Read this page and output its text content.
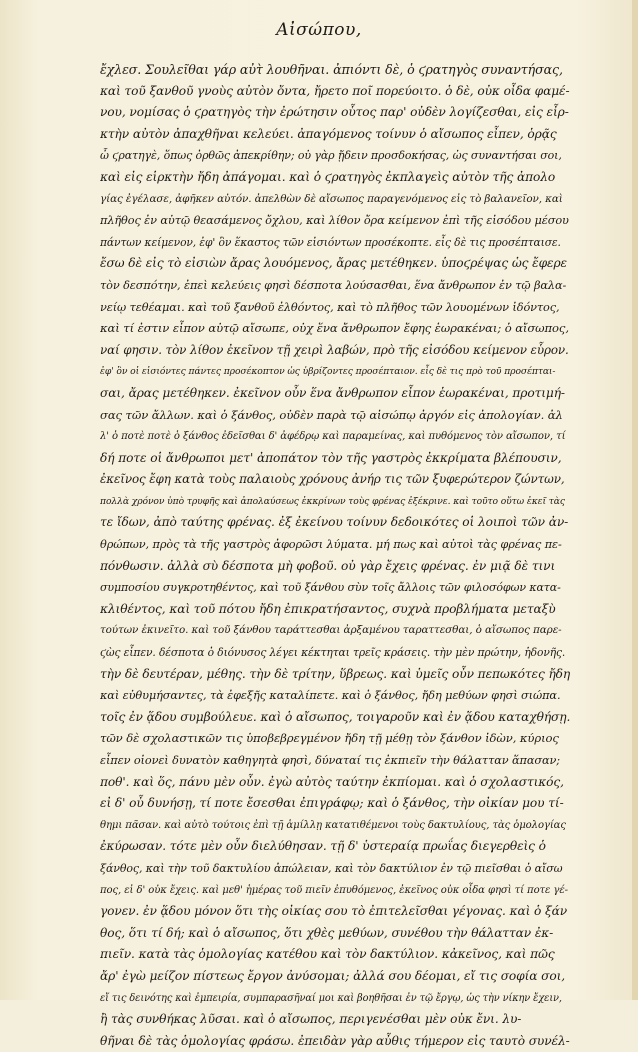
Αἰσώπου,
ἔχλεσ. Σουλεῖθαι γάρ αὐτ̀ λουθῆναι. ἀπιόντι δὲ, ὁ ϛρατηγὸς συναντήσας,
καὶ τοῦ ξανθοῦ γνοὺς αὐτὸν ὄντα, ἤρετο ποῖ πορεύοιτο. ὁ δὲ, οὐκ οἶδα φαμέ-
νου, νομίσας ὁ ϛρατηγὸς τὴν ἐρώτησιν οὗτος παρ' οὐδὲν λογίζεσθαι, εἰς εἶρ-
κτὴν αὐτὸν ἀπαχθῆναι κελεύει. ἀπαγόμενος τοίνυν ὁ αἴσωπος εἶπεν, ὁρᾷς
ὦ ϛρατηγὲ, ὅπως ὀρθῶς ἀπεκρίθην; οὐ γὰρ ᾔδειν προσδοκήσας, ὡς συναντήσαι σοι,
καὶ εἰς εἱρκτὴν ἤδη ἀπάγομαι. καὶ ὁ ϛρατηγὸς ἐκπλαγεὶς αὐτὸν τῆς ἀπολο
γίας ἐγέλασε, ἀφῆκεν αὐτόν. ἀπελθὼν δὲ αἴσωπος παραγενόμενος εἰς τὸ βαλανεῖον, καὶ
πλῆθος ἐν αὐτῷ θεασάμενος ὄχλου, καὶ λίθον ὄρα κείμενον ἐπὶ τῆς εἰσόδου μέσου
πάντων κείμενον, ἐφ' ὃν ἕκαστος τῶν εἰσιόντων προσέκοπτε. εἶς δὲ τις προσέπταισε.
ἔσω δὲ εἰς τὸ εἰσιὼν ἄρας λουόμενος, ἄρας μετέθηκεν. ὑποϛρέψας ὡς ἔφερε
τὸν δεσπότην, ἐπεὶ κελεύεις φησὶ δέσποτα λούσασθαι, ἕνα ἄνθρωπον ἐν τῷ βαλα-
νείῳ τεθέαμαι. καὶ τοῦ ξανθοῦ ἐλθόντος, καὶ τὸ πλῆθος τῶν λουομένων ἰδόντος,
καὶ τί ἐστιν εἶπον αὐτῷ αἴσωπε, οὐχ ἕνα ἄνθρωπον ἔφης ἑωρακέναι; ὁ αἴσωπος,
ναί φησιν. τὸν λίθον ἐκεῖνον τῇ χειρὶ λαβών, πρὸ τῆς εἰσόδου κείμενον εὗρον.
ἐφ' ὃν οἱ εἰσιόντες πάντες προσέκοπτον ὡς ὑβρίζοντες προσέπταιον. εἷς δὲ τις πρὸ τοῦ προσέπται-
σαι, ἄρας μετέθηκεν. ἐκεῖνον οὖν ἕνα ἄνθρωπον εἶπον ἑωρακέναι, προτιμή-
σας τῶν ἄλλων. καὶ ὁ ξάνθος, οὐδὲν παρὰ τῷ αἰσώπῳ ἀργόν εἰς ἀπολογίαν. ἀλ
λ' ὁ ποτὲ ποτὲ ὁ ξάνθος ἐδεῖσθαι δ' ἀφέδρῳ καὶ παραμείνας, καὶ πυθόμενος τὸν αἴσωπον, τί
δή ποτε οἱ ἄνθρωποι μετ' ἀποπάτον τὸν τῆς γαστρὸς ἐκκρίματα βλέπουσιν,
ἐκεῖνος ἔφη κατὰ τοὺς παλαιοὺς χρόνους ἀνήρ τις τῶν ξυφερώτερον ζώντων,
πολλὰ χρόνον ὑπὸ τρυφῆς καὶ ἀπολαύσεως ἐκκρίνων τοὺς φρένας ἐξέκρινε. καὶ τοῦτο οὕτω ἐκεῖ τὰς
τε ἴδων, ἀπὸ ταύτης φρένας. ἐξ ἐκείνου τοίνυν δεδοικότες οἱ λοιποὶ τῶν ἀν-
θρώπων, πρὸς τὰ τῆς γαστρὸς ἀφορῶσι λύματα. μή πως καὶ αὐτοὶ τὰς φρένας πε-
πόνθωσιν. ἀλλὰ σὺ δέσποτα μὴ φοβοῦ. οὐ γὰρ ἔχεις φρένας. ἐν μιᾷ δὲ τινι
συμποσίου συγκροτηθέντος, καὶ τοῦ ξάνθου σὺν τοῖς ἄλλοις τῶν φιλοσόφων κατα-
κλιθέντος, καὶ τοῦ πότου ἤδη ἐπικρατήσαντος, συχνὰ προβλήματα μεταξὺ
τούτων ἐκινεῖτο. καὶ τοῦ ξάνθου ταράττεσθαι ἀρξαμένου ταραττεσθαι, ὁ αἴσωπος παρε-
ϛὼς εἶπεν. δέσποτα ὁ διόνυσος λέγει κέκτηται τρεῖς κράσεις. τὴν μὲν πρώτην, ἡδονῆς.
τὴν δὲ δευτέραν, μέθης. τὴν δὲ τρίτην, ὕβρεως. καὶ ὑμεῖς οὖν πεπωκότες ἤδη
καὶ εὐθυμήσαντες, τὰ ἐφεξῆς καταλίπετε. καὶ ὁ ξάνθος, ἤδη μεθύων φησὶ σιώπα.
τοῖς ἐν ᾅδου συμβούλευε. καὶ ὁ αἴσωπος, τοιγαροῦν καὶ ἐν ᾅδου καταχθήσῃ.
τῶν δὲ σχολαστικῶν τις ὑποβεβρεγμένον ἤδη τῇ μέθῃ τὸν ξάνθον ἰδὼν, κύριος
εἶπεν οἰονεὶ δυνατὸν καθηγητὰ φησὶ, δύναταί τις ἐκπιεῖν τὴν θάλατταν ἅπασαν;
ποθ'. καὶ ὅς, πάνυ μὲν οὖν. ἐγὼ αὐτὸς ταύτην ἐκπίομαι. καὶ ὁ σχολαστικός,
εἰ δ' οὖ δυνήσῃ, τί ποτε ἔσεσθαι ἐπιγράφῳ; καὶ ὁ ξάνθος, τὴν οἰκίαν μου τί-
θημι πᾶσαν. καὶ αὐτὸ τούτοις ἐπὶ τῇ ἁμίλλῃ κατατιθέμενοι τοὺς δακτυλίους, τὰς ὁμολογίας
ἐκύρωσαν. τότε μὲν οὖν διελύθησαν. τῇ δ' ὑστεραίᾳ πρωΐας διεγερθεὶς ὁ
ξάνθος, καὶ τὴν τοῦ δακτυλίου ἀπώλειαν, καὶ τὸν δακτύλιον ἐν τῷ πιεῖσθαι ὁ αἴσω
πος, εἰ δ' οὐκ ἔχεις. καὶ μεθ' ἡμέρας τοῦ πιεῖν ἐπυθόμενος, ἐκεῖνος οὐκ οἶδα φησὶ τί ποτε γέ-
γονεν. ἐν ᾅδου μόνον ὅτι τὴς οἰκίας σου τὸ ἐπιτελεῖσθαι γέγονας. καὶ ὁ ξάν
θος, ὅτι τί δή; καὶ ὁ αἴσωπος, ὅτι χθὲς μεθύων, συνέθου τὴν θάλατταν ἐκ-
πιεῖν. κατὰ τὰς ὁμολογίας κατέθου καὶ τὸν δακτύλιον. κἀκεῖνος, καὶ πῶς
ἄρ' ἐγὼ μείζον πίστεως ἔργον ἀνύσομαι; ἀλλά σου δέομαι, εἴ τις σοφία σοι,
εἴ τις δεινότης καὶ ἐμπειρία, συμπαρασῆναί μοι καὶ βοηθῆσαι ἐν τῷ ἔργῳ, ὡς τὴν νίκην ἔχειν,
ἢ τὰς συνθήκας λῦσαι. καὶ ὁ αἴσωπος, περιγενέσθαι μὲν οὐκ ἔνι. λυ-
θῆναι δὲ τὰς ὁμολογίας φράσω. ἐπειδὰν γὰρ αὖθις τήμερον εἰς ταυτὸ συνέλ-
